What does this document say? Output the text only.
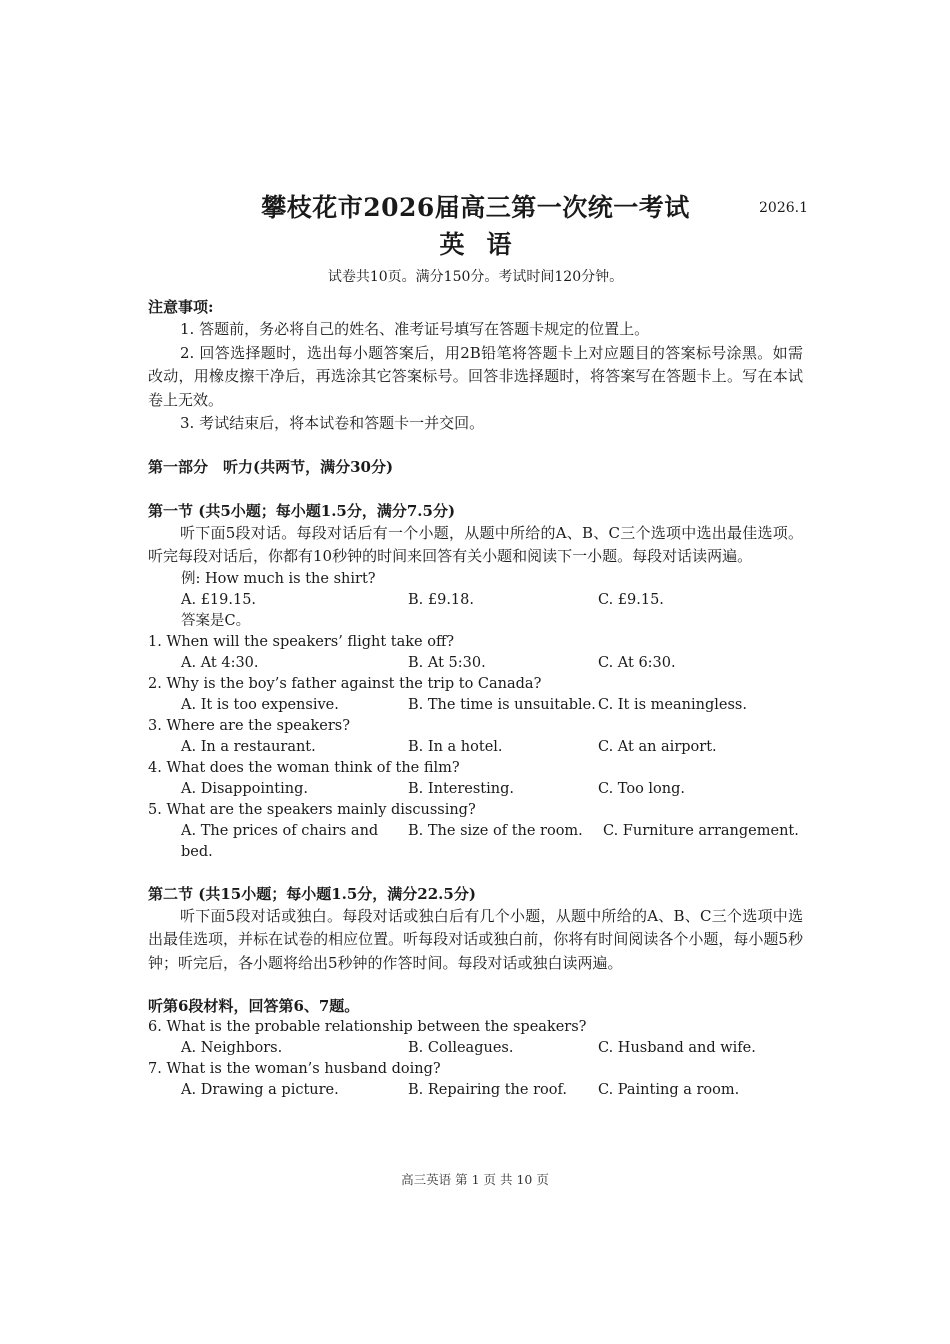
攀枝花市2026届高三第一次统一考试	2026.1
英语
试卷共10页。满分150分。考试时间120分钟。
注意事项:
1. 答题前，务必将自己的姓名、准考证号填写在答题卡规定的位置上。
2. 回答选择题时，选出每小题答案后，用2B铅笔将答题卡上对应题目的答案标号涂黑。如需改动，用橡皮擦干净后，再选涂其它答案标号。回答非选择题时，将答案写在答题卡上。写在本试卷上无效。
3. 考试结束后，将本试卷和答题卡一并交回。
第一部分　听力(共两节，满分30分)
第一节 (共5小题；每小题1.5分，满分7.5分)
听下面5段对话。每段对话后有一个小题，从题中所给的A、B、C三个选项中选出最佳选项。听完每段对话后，你都有10秒钟的时间来回答有关小题和阅读下一小题。每段对话读两遍。
例: How much is the shirt?
A. £19.15.	B. £9.18.	C. £9.15.
答案是C。
1. When will the speakers’ flight take off?
A. At 4:30.	B. At 5:30.	C. At 6:30.
2. Why is the boy’s father against the trip to Canada?
A. It is too expensive.	B. The time is unsuitable. C. It is meaningless.
3. Where are the speakers?
A. In a restaurant.	B. In a hotel.	C. At an airport.
4. What does the woman think of the film?
A. Disappointing.	B. Interesting.	C. Too long.
5. What are the speakers mainly discussing?
A. The prices of chairs and bed.
B. The size of the room.	C. Furniture arrangement.
第二节 (共15小题；每小题1.5分，满分22.5分)
听下面5段对话或独白。每段对话或独白后有几个小题，从题中所给的A、B、C三个选项中选出最佳选项，并标在试卷的相应位置。听每段对话或独白前，你将有时间阅读各个小题，每小题5秒钟；听完后，各小题将给出5秒钟的作答时间。每段对话或独白读两遍。
听第6段材料，回答第6、7题。
6. What is the probable relationship between the speakers?
A. Neighbors.	B. Colleagues.	C. Husband and wife.
7. What is the woman’s husband doing?
A. Drawing a picture.	B. Repairing the roof.	C. Painting a room.
高三英语 第 1 页 共 10 页
